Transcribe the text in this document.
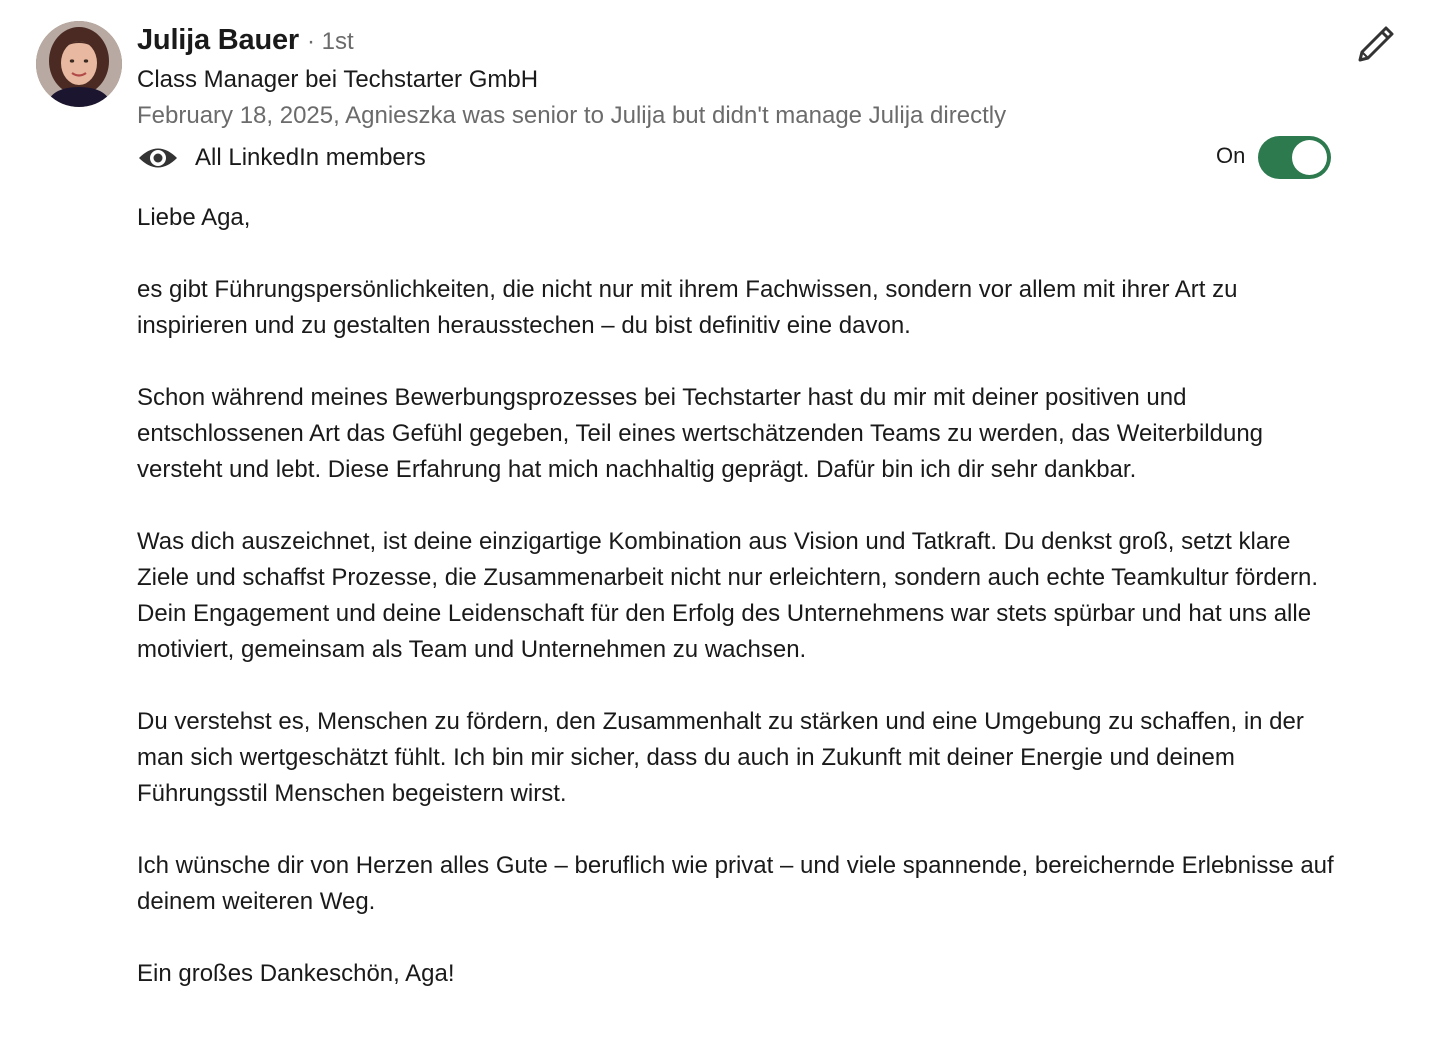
Julija Bauer · 1st
Class Manager bei Techstarter GmbH
February 18, 2025, Agnieszka was senior to Julija but didn't manage Julija directly
All LinkedIn members	On

Liebe Aga,

es gibt Führungspersönlichkeiten, die nicht nur mit ihrem Fachwissen, sondern vor allem mit ihrer Art zu inspirieren und zu gestalten herausstechen – du bist definitiv eine davon.

Schon während meines Bewerbungsprozesses bei Techstarter hast du mir mit deiner positiven und entschlossenen Art das Gefühl gegeben, Teil eines wertschätzenden Teams zu werden, das Weiterbildung versteht und lebt. Diese Erfahrung hat mich nachhaltig geprägt. Dafür bin ich dir sehr dankbar.

Was dich auszeichnet, ist deine einzigartige Kombination aus Vision und Tatkraft. Du denkst groß, setzt klare Ziele und schaffst Prozesse, die Zusammenarbeit nicht nur erleichtern, sondern auch echte Teamkultur fördern. Dein Engagement und deine Leidenschaft für den Erfolg des Unternehmens war stets spürbar und hat uns alle motiviert, gemeinsam als Team und Unternehmen zu wachsen.

Du verstehst es, Menschen zu fördern, den Zusammenhalt zu stärken und eine Umgebung zu schaffen, in der man sich wertgeschätzt fühlt. Ich bin mir sicher, dass du auch in Zukunft mit deiner Energie und deinem Führungsstil Menschen begeistern wirst.

Ich wünsche dir von Herzen alles Gute – beruflich wie privat – und viele spannende, bereichernde Erlebnisse auf deinem weiteren Weg.

Ein großes Dankeschön, Aga!
